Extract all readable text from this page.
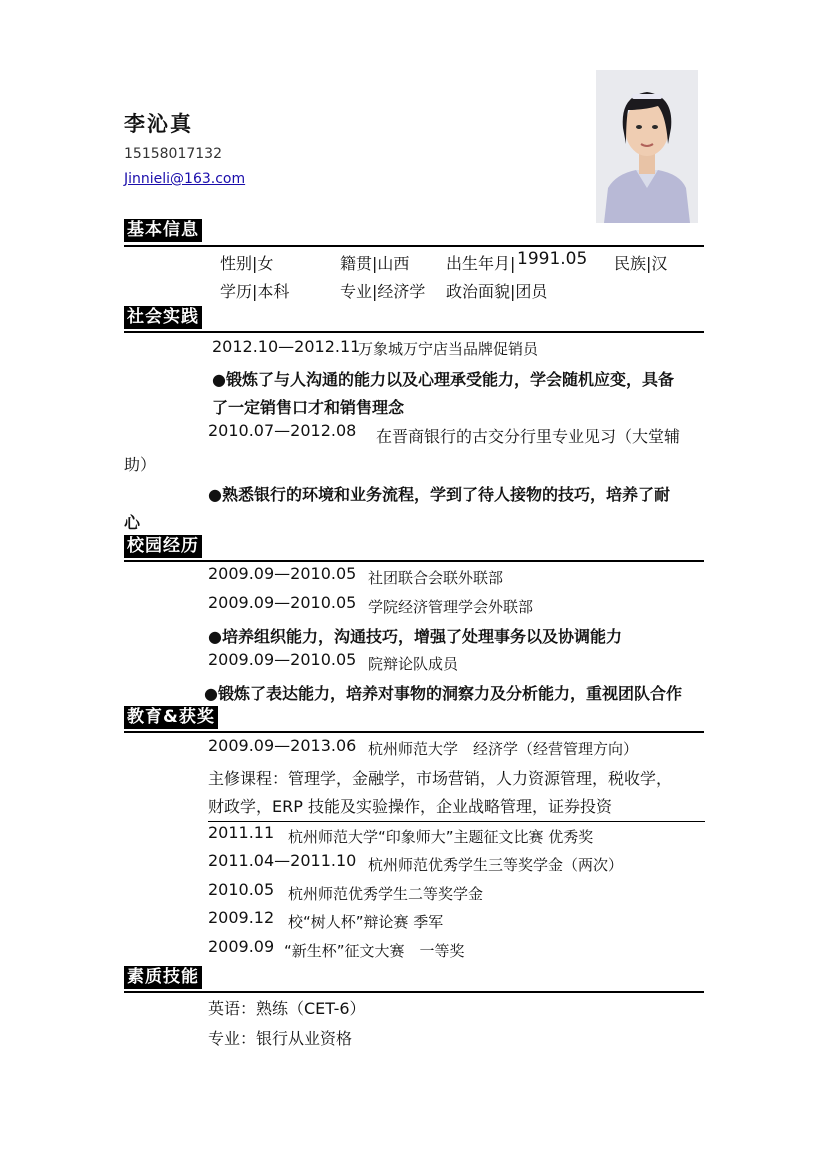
李沁真
15158017132
Jinnieli@163.com
基本信息
性别|女	籍贯|山西 出生年月| 1991.05 民族|汉
学历|本科	专业|经济学 政治面貌|团员
社会实践
2012.10—2012.11
万象城万宁店当品牌促销员
●锻炼了与人沟通的能力以及心理承受能力，学会随机应变，具备
了一定销售口才和销售理念
2010.07—2012.08 在晋商银行的古交分行里专业见习（大堂辅
助）
●熟悉银行的环境和业务流程，学到了待人接物的技巧，培养了耐
心
校园经历
2009.09—2010.05 社团联合会联外联部
2009.09—2010.05 学院经济管理学会外联部
●培养组织能力，沟通技巧，增强了处理事务以及协调能力
2009.09—2010.05 院辩论队成员
●锻炼了表达能力，培养对事物的洞察力及分析能力，重视团队合作
教育&获奖
2009.09—2013.06 杭州师范大学　经济学（经营管理方向）
主修课程：管理学，金融学，市场营销，人力资源管理，税收学，
财政学，ERP 技能及实验操作，企业战略管理，证券投资
2011.11 杭州师范大学“印象师大”主题征文比赛 优秀奖
2011.04—2011.10 杭州师范优秀学生三等奖学金（两次）
2010.05 杭州师范优秀学生二等奖学金
2009.12 校“树人杯”辩论赛 季军
2009.09 “新生杯”征文大赛　一等奖
素质技能
英语：熟练（CET-6）
专业：银行从业资格
